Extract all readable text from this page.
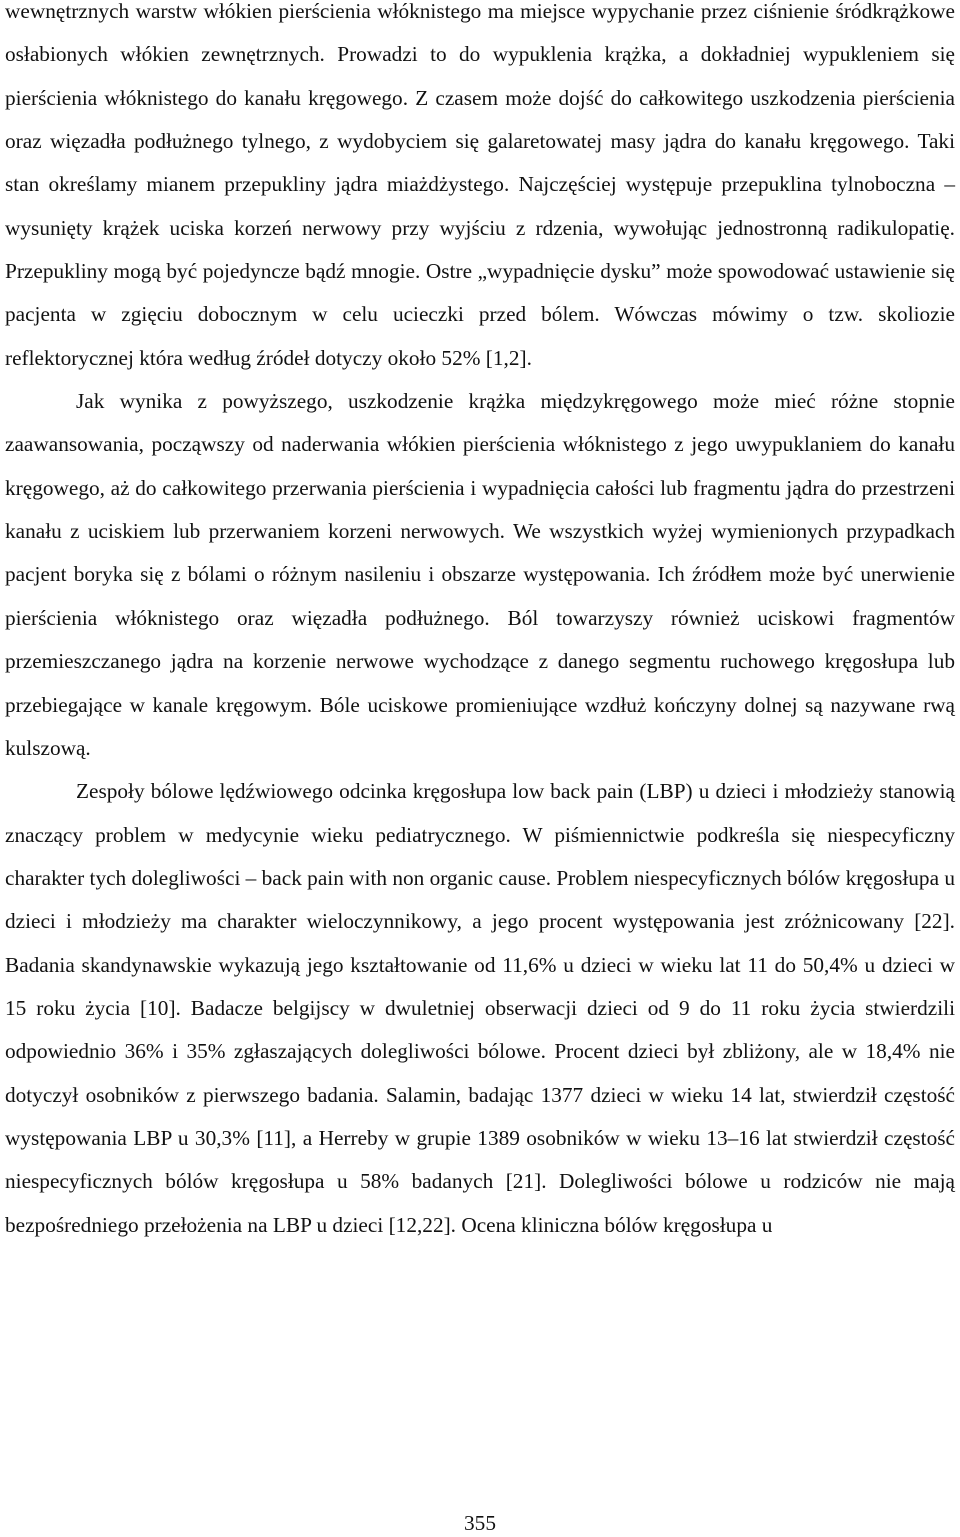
wewnętrznych warstw włókien pierścienia włóknistego ma miejsce wypychanie przez ciśnienie śródkrążkowe osłabionych włókien zewnętrznych. Prowadzi to do wypuklenia krążka, a dokładniej wypukleniem się pierścienia włóknistego do kanału kręgowego. Z czasem może dojść do całkowitego uszkodzenia pierścienia oraz więzadła podłużnego tylnego, z wydobyciem się galaretowatej masy jądra do kanału kręgowego. Taki stan określamy mianem przepukliny jądra miażdżystego. Najczęściej występuje przepuklina tylnoboczna – wysunięty krążek uciska korzeń nerwowy przy wyjściu z rdzenia, wywołując jednostronną radikulopatię. Przepukliny mogą być pojedyncze bądź mnogie. Ostre „wypadnięcie dysku” może spowodować ustawienie się pacjenta w zgięciu dobocznym w celu ucieczki przed bólem. Wówczas mówimy o tzw. skoliozie reflektorycznej która według źródeł dotyczy około 52% [1,2].

Jak wynika z powyższego, uszkodzenie krążka międzykręgowego może mieć różne stopnie zaawansowania, począwszy od naderwania włókien pierścienia włóknistego z jego uwypuklaniem do kanału kręgowego, aż do całkowitego przerwania pierścienia i wypadnięcia całości lub fragmentu jądra do przestrzeni kanału z uciskiem lub przerwaniem korzeni nerwowych. We wszystkich wyżej wymienionych przypadkach pacjent boryka się z bólami o różnym nasileniu i obszarze występowania. Ich źródłem może być unerwienie pierścienia włóknistego oraz więzadła podłużnego. Ból towarzyszy również uciskowi fragmentów przemieszczanego jądra na korzenie nerwowe wychodzące z danego segmentu ruchowego kręgosłupa lub przebiegające w kanale kręgowym. Bóle uciskowe promieniujące wzdłuż kończyny dolnej są nazywane rwą kulszową.

Zespoły bólowe lędźwiowego odcinka kręgosłupa low back pain (LBP) u dzieci i młodzieży stanowią znaczący problem w medycynie wieku pediatrycznego. W piśmiennictwie podkreśla się niespecyficzny charakter tych dolegliwości – back pain with non organic cause. Problem niespecyficznych bólów kręgosłupa u dzieci i młodzieży ma charakter wieloczynnikowy, a jego procent występowania jest zróżnicowany [22]. Badania skandynawskie wykazują jego kształtowanie od 11,6% u dzieci w wieku lat 11 do 50,4% u dzieci w 15 roku życia [10]. Badacze belgijscy w dwuletniej obserwacji dzieci od 9 do 11 roku życia stwierdzili odpowiednio 36% i 35% zgłaszających dolegliwości bólowe. Procent dzieci był zbliżony, ale w 18,4% nie dotyczył osobników z pierwszego badania. Salamin, badając 1377 dzieci w wieku 14 lat, stwierdził częstość występowania LBP u 30,3% [11], a Herreby w grupie 1389 osobników w wieku 13–16 lat stwierdził częstość niespecyficznych bólów kręgosłupa u 58% badanych [21]. Dolegliwości bólowe u rodziców nie mają bezpośredniego przełożenia na LBP u dzieci [12,22]. Ocena kliniczna bólów kręgosłupa u

355
